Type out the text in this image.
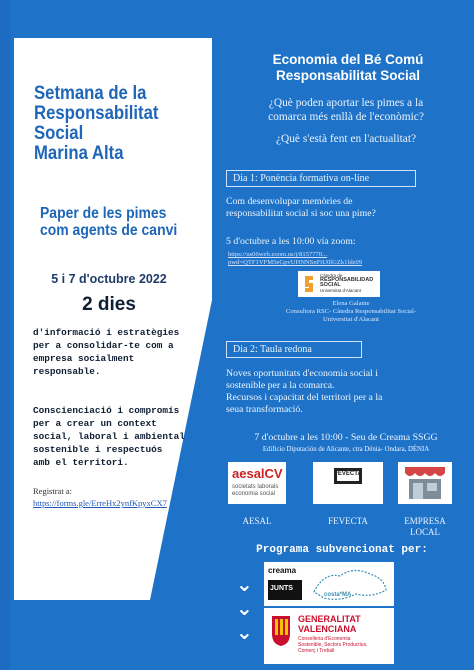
Setmana de la
Responsabilitat
Social
Marina Alta
Paper de les pimes
com agents de canvi
5 i 7 d'octubre 2022
2 dies
d'informació i estratègies
per a consolidar-te com a
empresa socialment
responsable.
Conscienciació i compromís
per a crear un context
social, laboral i ambiental
sostenible i respectuós
amb el territori.
Registrat a:
https://forms.gle/ErreHx2ynfKpyxCX7
Economia del Bé Comú
Responsabilitat Social
¿Què poden aportar les pimes a la
comarca més enllà de l'econòmic?
¿Què s'està fent en l'actualitat?
Dia 1: Ponència formativa on-line
Com desenvolupar memòries de
responsabilitat social si soc una pime?
5 d'octubre a les 10:00 vía zoom:
https://us06web.zoom.us/j/8157770...
pwd=QTF1VFM5eGpvUHNNSnFtU0lGZk1ldz09
Càtedra de
RESPONSABILIDAD
SOCIAL
Universitat d'Alacant
Elena Galante
Consultora RSC- Càtedra Responsabilitat Social-
Universitat d'Alacant
Dia 2: Taula redona
Noves oportunitats d'economia social i
sostenible per a la comarca.
Recursos i capacitat del territori per a la
seua transformació.
7 d'octubre a les 10:00 - Seu de Creama SSGG
Edificio Diputación de Alicante, ctra Dénia- Ondara, DÉNIA
aesalCV
societats laborals economia social
FEVECTA
AESAL	FEVECTA	EMPRESA
LOCAL
Programa subvencionat per:
⌄
⌄
⌄
creama
JUNTS
costa*MA
GENERALITAT
VALENCIANA
Conselleria d'Economia
Sostenible, Sectors Productius,
Comerç i Treball
